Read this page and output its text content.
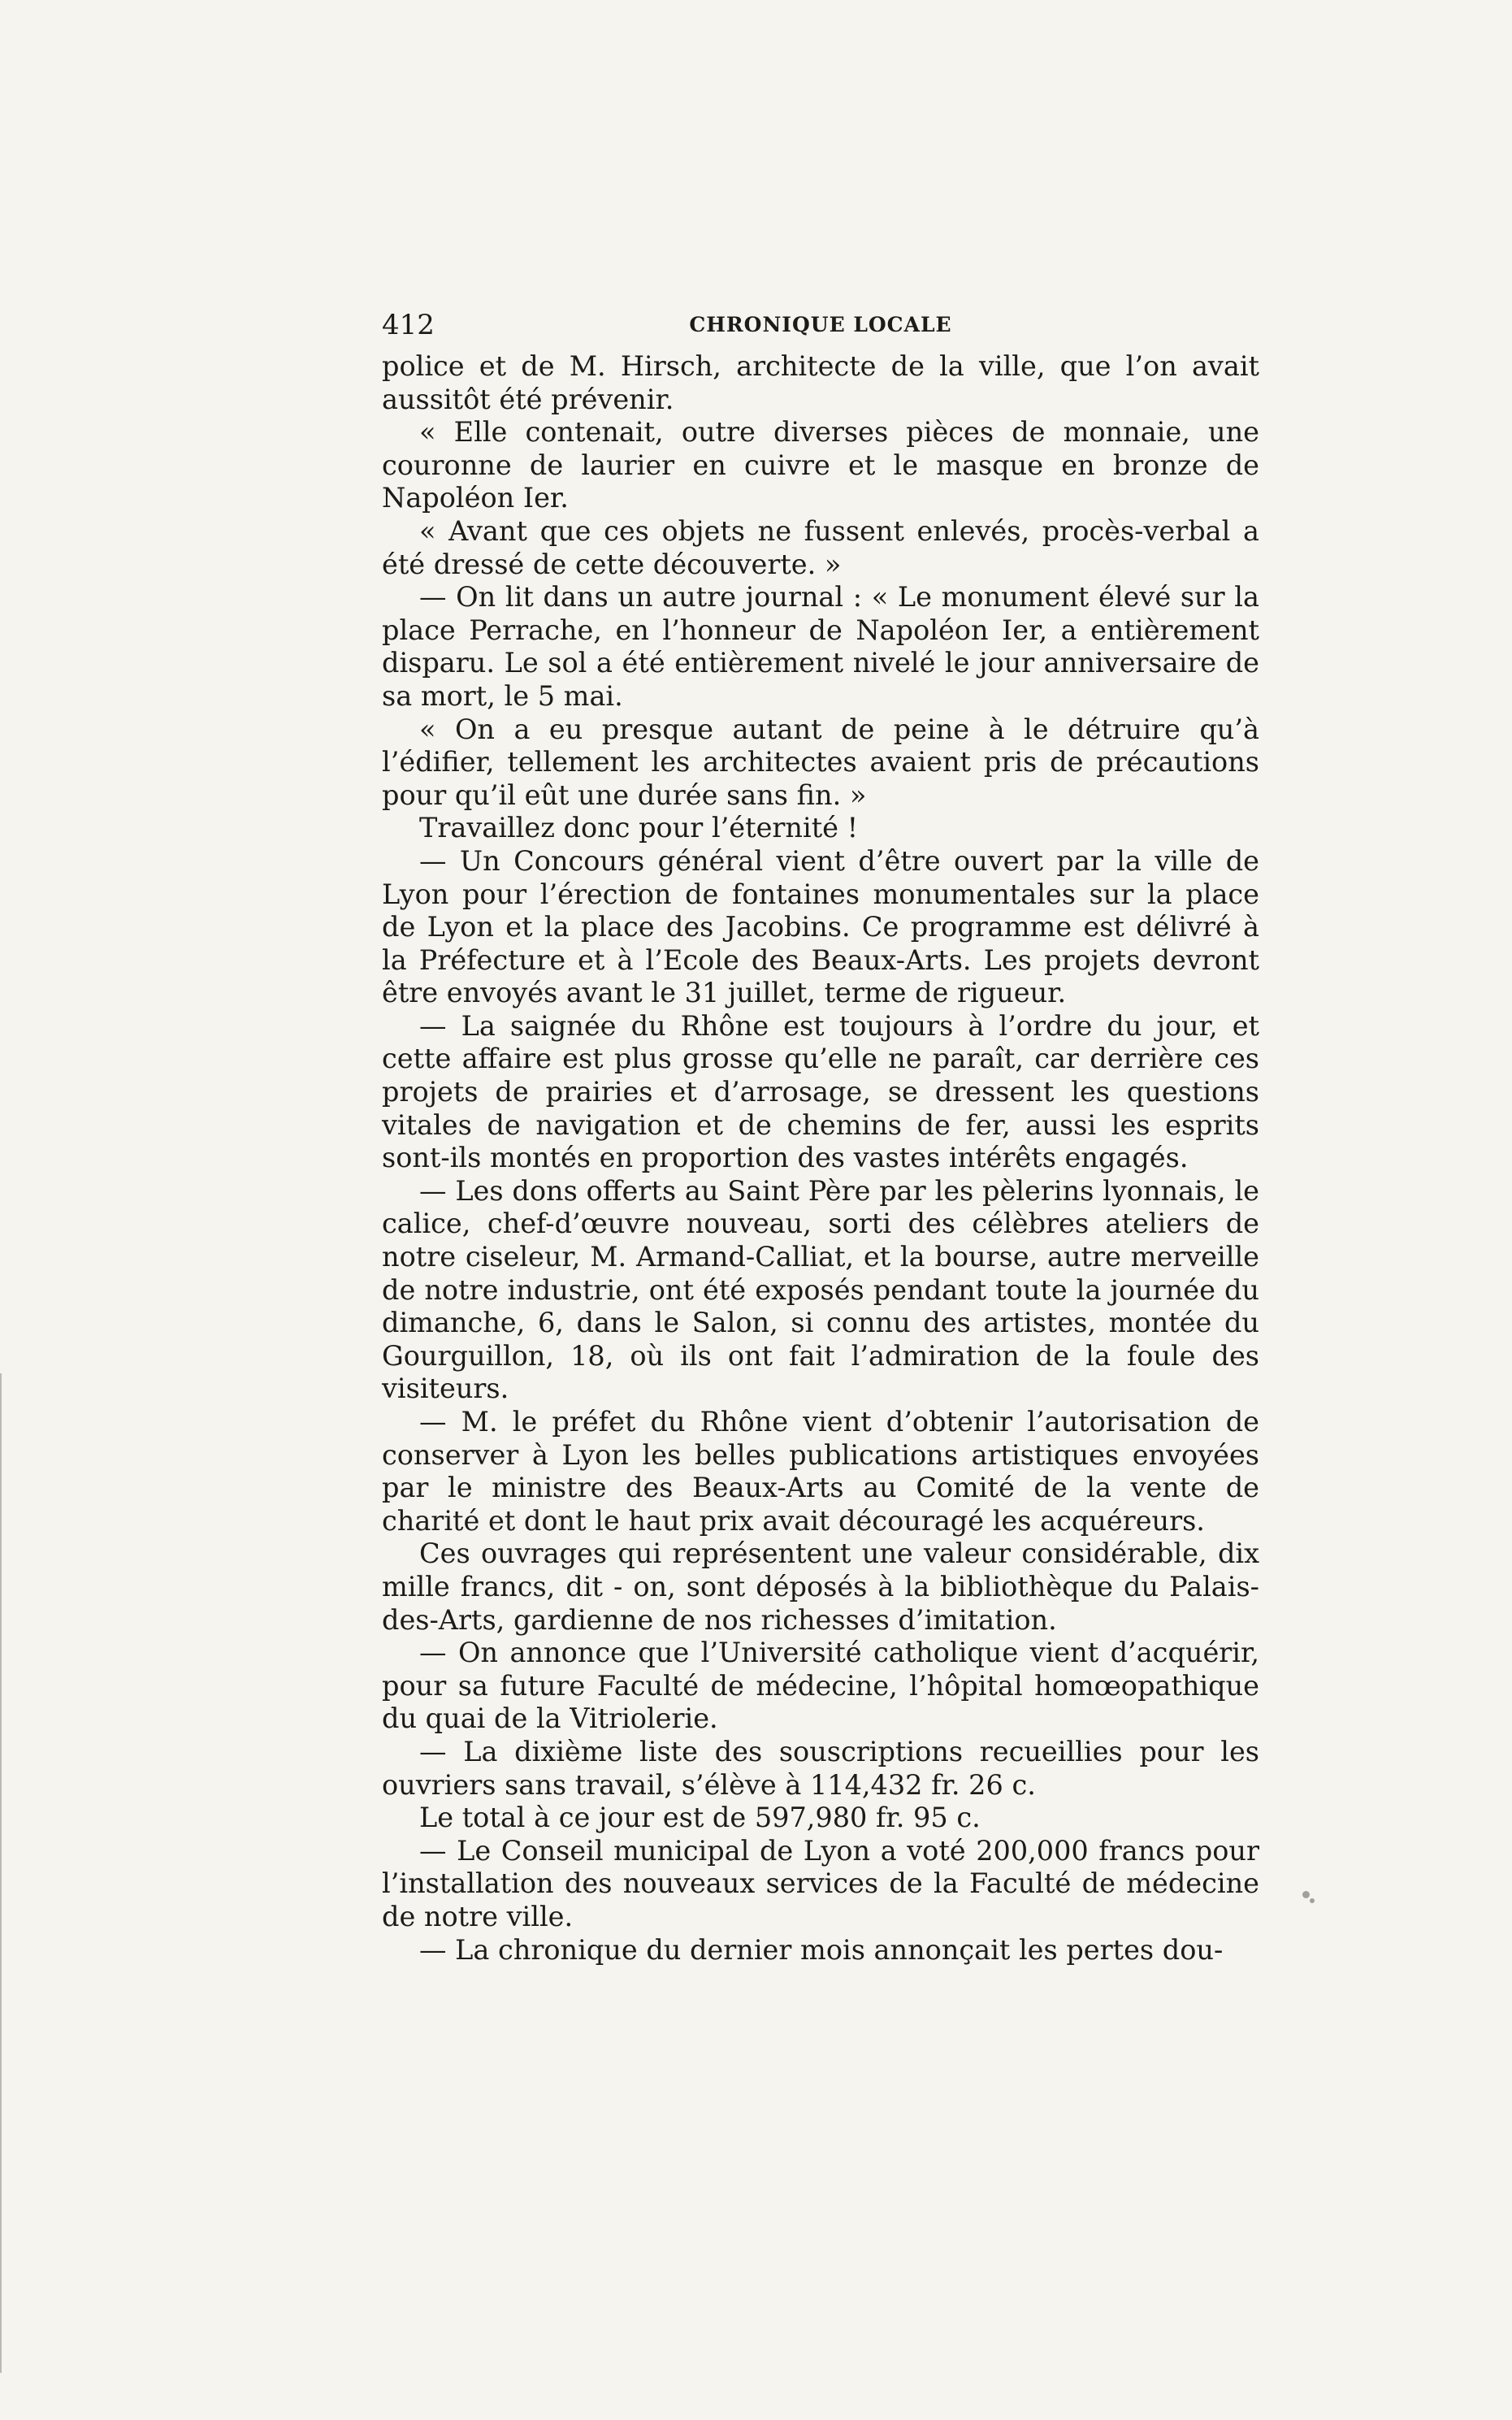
412	CHRONIQUE LOCALE

police et de M. Hirsch, architecte de la ville, que l’on avait aussitôt été prévenir.

« Elle contenait, outre diverses pièces de monnaie, une couronne de laurier en cuivre et le masque en bronze de Napoléon Ier.

« Avant que ces objets ne fussent enlevés, procès-verbal a été dressé de cette découverte. »

— On lit dans un autre journal : « Le monument élevé sur la place Perrache, en l’honneur de Napoléon Ier, a entièrement disparu. Le sol a été entièrement nivelé le jour anniversaire de sa mort, le 5 mai.

« On a eu presque autant de peine à le détruire qu’à l’édifier, tellement les architectes avaient pris de précautions pour qu’il eût une durée sans fin. »

Travaillez donc pour l’éternité !

— Un Concours général vient d’être ouvert par la ville de Lyon pour l’érection de fontaines monumentales sur la place de Lyon et la place des Jacobins. Ce programme est délivré à la Préfecture et à l’Ecole des Beaux-Arts. Les projets devront être envoyés avant le 31 juillet, terme de rigueur.

— La saignée du Rhône est toujours à l’ordre du jour, et cette affaire est plus grosse qu’elle ne paraît, car derrière ces projets de prairies et d’arrosage, se dressent les questions vitales de navigation et de chemins de fer, aussi les esprits sont-ils montés en proportion des vastes intérêts engagés.

— Les dons offerts au Saint Père par les pèlerins lyonnais, le calice, chef-d’œuvre nouveau, sorti des célèbres ateliers de notre ciseleur, M. Armand-Calliat, et la bourse, autre merveille de notre industrie, ont été exposés pendant toute la journée du dimanche, 6, dans le Salon, si connu des artistes, montée du Gourguillon, 18, où ils ont fait l’admiration de la foule des visiteurs.

— M. le préfet du Rhône vient d’obtenir l’autorisation de conserver à Lyon les belles publications artistiques envoyées par le ministre des Beaux-Arts au Comité de la vente de charité et dont le haut prix avait découragé les acquéreurs.

Ces ouvrages qui représentent une valeur considérable, dix mille francs, dit - on, sont déposés à la bibliothèque du Palais-des-Arts, gardienne de nos richesses d’imitation.

— On annonce que l’Université catholique vient d’acquérir, pour sa future Faculté de médecine, l’hôpital homœopathique du quai de la Vitriolerie.

— La dixième liste des souscriptions recueillies pour les ouvriers sans travail, s’élève à 114,432 fr. 26 c.

Le total à ce jour est de 597,980 fr. 95 c.

— Le Conseil municipal de Lyon a voté 200,000 francs pour l’installation des nouveaux services de la Faculté de médecine de notre ville.

— La chronique du dernier mois annonçait les pertes dou-
